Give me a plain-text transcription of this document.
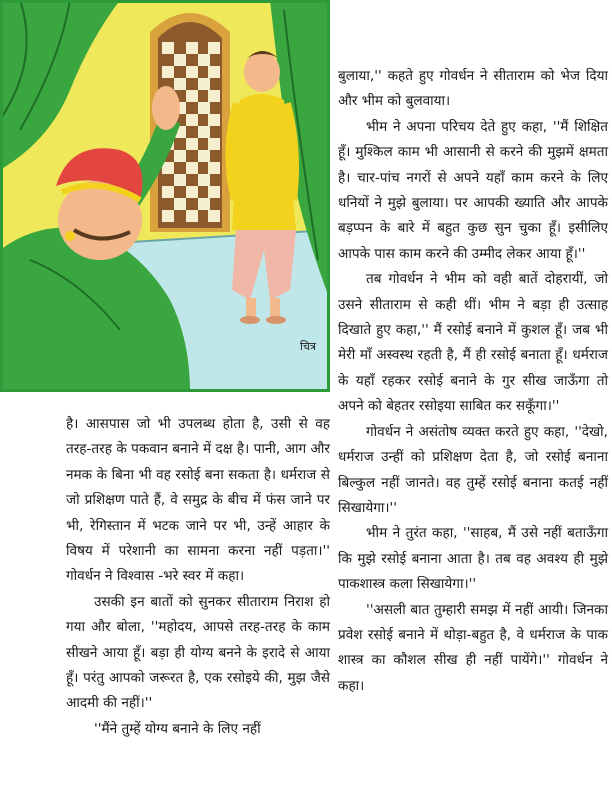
चित्र

बुलाया,'' कहते हुए गोवर्धन ने सीताराम को भेज दिया और भीम को बुलवाया।

भीम ने अपना परिचय देते हुए कहा, ''मैं शिक्षित हूँ। मुश्किल काम भी आसानी से करने की मुझमें क्षमता है। चार-पांच नगरों से अपने यहाँ काम करने के लिए धनियों ने मुझे बुलाया। पर आपकी ख्याति और आपके बड़प्पन के बारे में बहुत कुछ सुन चुका हूँ। इसीलिए आपके पास काम करने की उम्मीद लेकर आया हूँ।''

तब गोवर्धन ने भीम को वही बातें दोहरायीं, जो उसने सीताराम से कही थीं। भीम ने बड़ा ही उत्साह दिखाते हुए कहा,'' मैं रसोई बनाने में कुशल हूँ। जब भी मेरी माँ अस्वस्थ रहती है, मैं ही रसोई बनाता हूँ। धर्मराज के यहाँ रहकर रसोई बनाने के गुर सीख जाऊँगा तो अपने को बेहतर रसोइया साबित कर सकूँगा।''

गोवर्धन ने असंतोष व्यक्त करते हुए कहा, ''देखो, धर्मराज उन्हीं को प्रशिक्षण देता है, जो रसोई बनाना बिल्कुल नहीं जानते। वह तुम्हें रसोई बनाना कतई नहीं सिखायेगा।''

भीम ने तुरंत कहा, ''साहब, मैं उसे नहीं बताऊँगा कि मुझे रसोई बनाना आता है। तब वह अवश्य ही मुझे पाकशास्त्र कला सिखायेगा।''

''असली बात तुम्हारी समझ में नहीं आयी। जिनका प्रवेश रसोई बनाने में थोड़ा-बहुत है, वे धर्मराज के पाक शास्त्र का कौशल सीख ही नहीं पायेंगे।'' गोवर्धन ने कहा।

है। आसपास जो भी उपलब्ध होता है, उसी से वह तरह-तरह के पकवान बनाने में दक्ष है। पानी, आग और नमक के बिना भी वह रसोई बना सकता है। धर्मराज से जो प्रशिक्षण पाते हैं, वे समुद्र के बीच में फंस जाने पर भी, रेगिस्तान में भटक जाने पर भी, उन्हें आहार के विषय में परेशानी का सामना करना नहीं पड़ता।'' गोवर्धन ने विश्वास -भरे स्वर में कहा।

उसकी इन बातों को सुनकर सीताराम निराश हो गया और बोला, ''महोदय, आपसे तरह-तरह के काम सीखने आया हूँ। बड़ा ही योग्य बनने के इरादे से आया हूँ। परंतु आपको जरूरत है, एक रसोइये की, मुझ जैसे आदमी की नहीं।''

''मैंने तुम्हें योग्य बनाने के लिए नहीं
